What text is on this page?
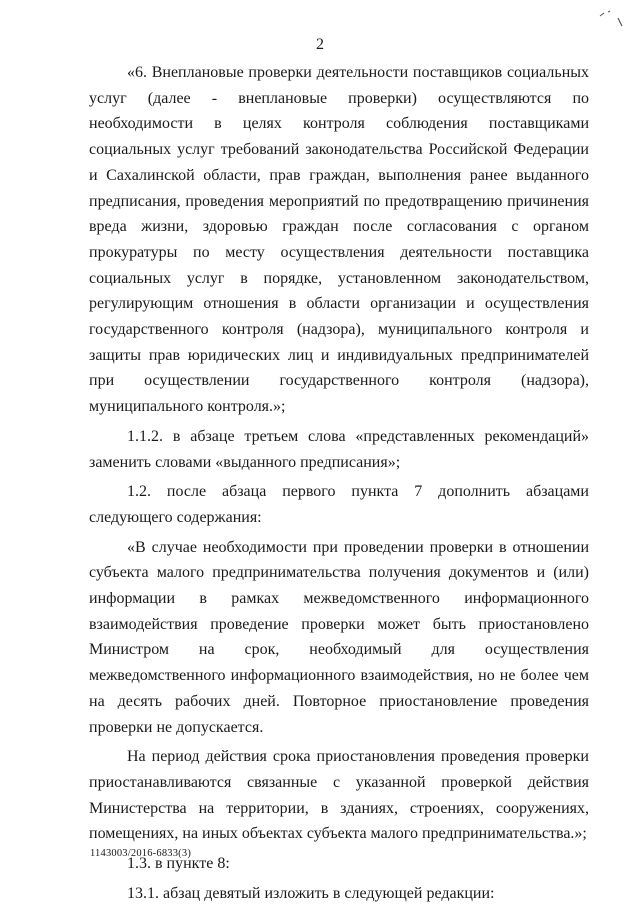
2

«6. Внеплановые проверки деятельности поставщиков социальных услуг (далее - внеплановые проверки) осуществляются по необходимости в целях контроля соблюдения поставщиками социальных услуг требований законодательства Российской Федерации и Сахалинской области, прав граждан, выполнения ранее выданного предписания, проведения мероприятий по предотвращению причинения вреда жизни, здоровью граждан после согласования с органом прокуратуры по месту осуществления деятельности поставщика социальных услуг в порядке, установленном законодательством, регулирующим отношения в области организации и осуществления государственного контроля (надзора), муниципального контроля и защиты прав юридических лиц и индивидуальных предпринимателей при осуществлении государственного контроля (надзора), муниципального контроля.»;

1.1.2. в абзаце третьем слова «представленных рекомендаций» заменить словами «выданного предписания»;

1.2. после абзаца первого пункта 7 дополнить абзацами следующего содержания:

«В случае необходимости при проведении проверки в отношении субъекта малого предпринимательства получения документов и (или) информации в рамках межведомственного информационного взаимодействия проведение проверки может быть приостановлено Министром на срок, необходимый для осуществления межведомственного информационного взаимодействия, но не более чем на десять рабочих дней. Повторное приостановление проведения проверки не допускается.

На период действия срока приостановления проведения проверки приостанавливаются связанные с указанной проверкой действия Министерства на территории, в зданиях, строениях, сооружениях, помещениях, на иных объектах субъекта малого предпринимательства.»;

1.3. в пункте 8:

13.1. абзац девятый изложить в следующей редакции:

1143003/2016-6833(3)
